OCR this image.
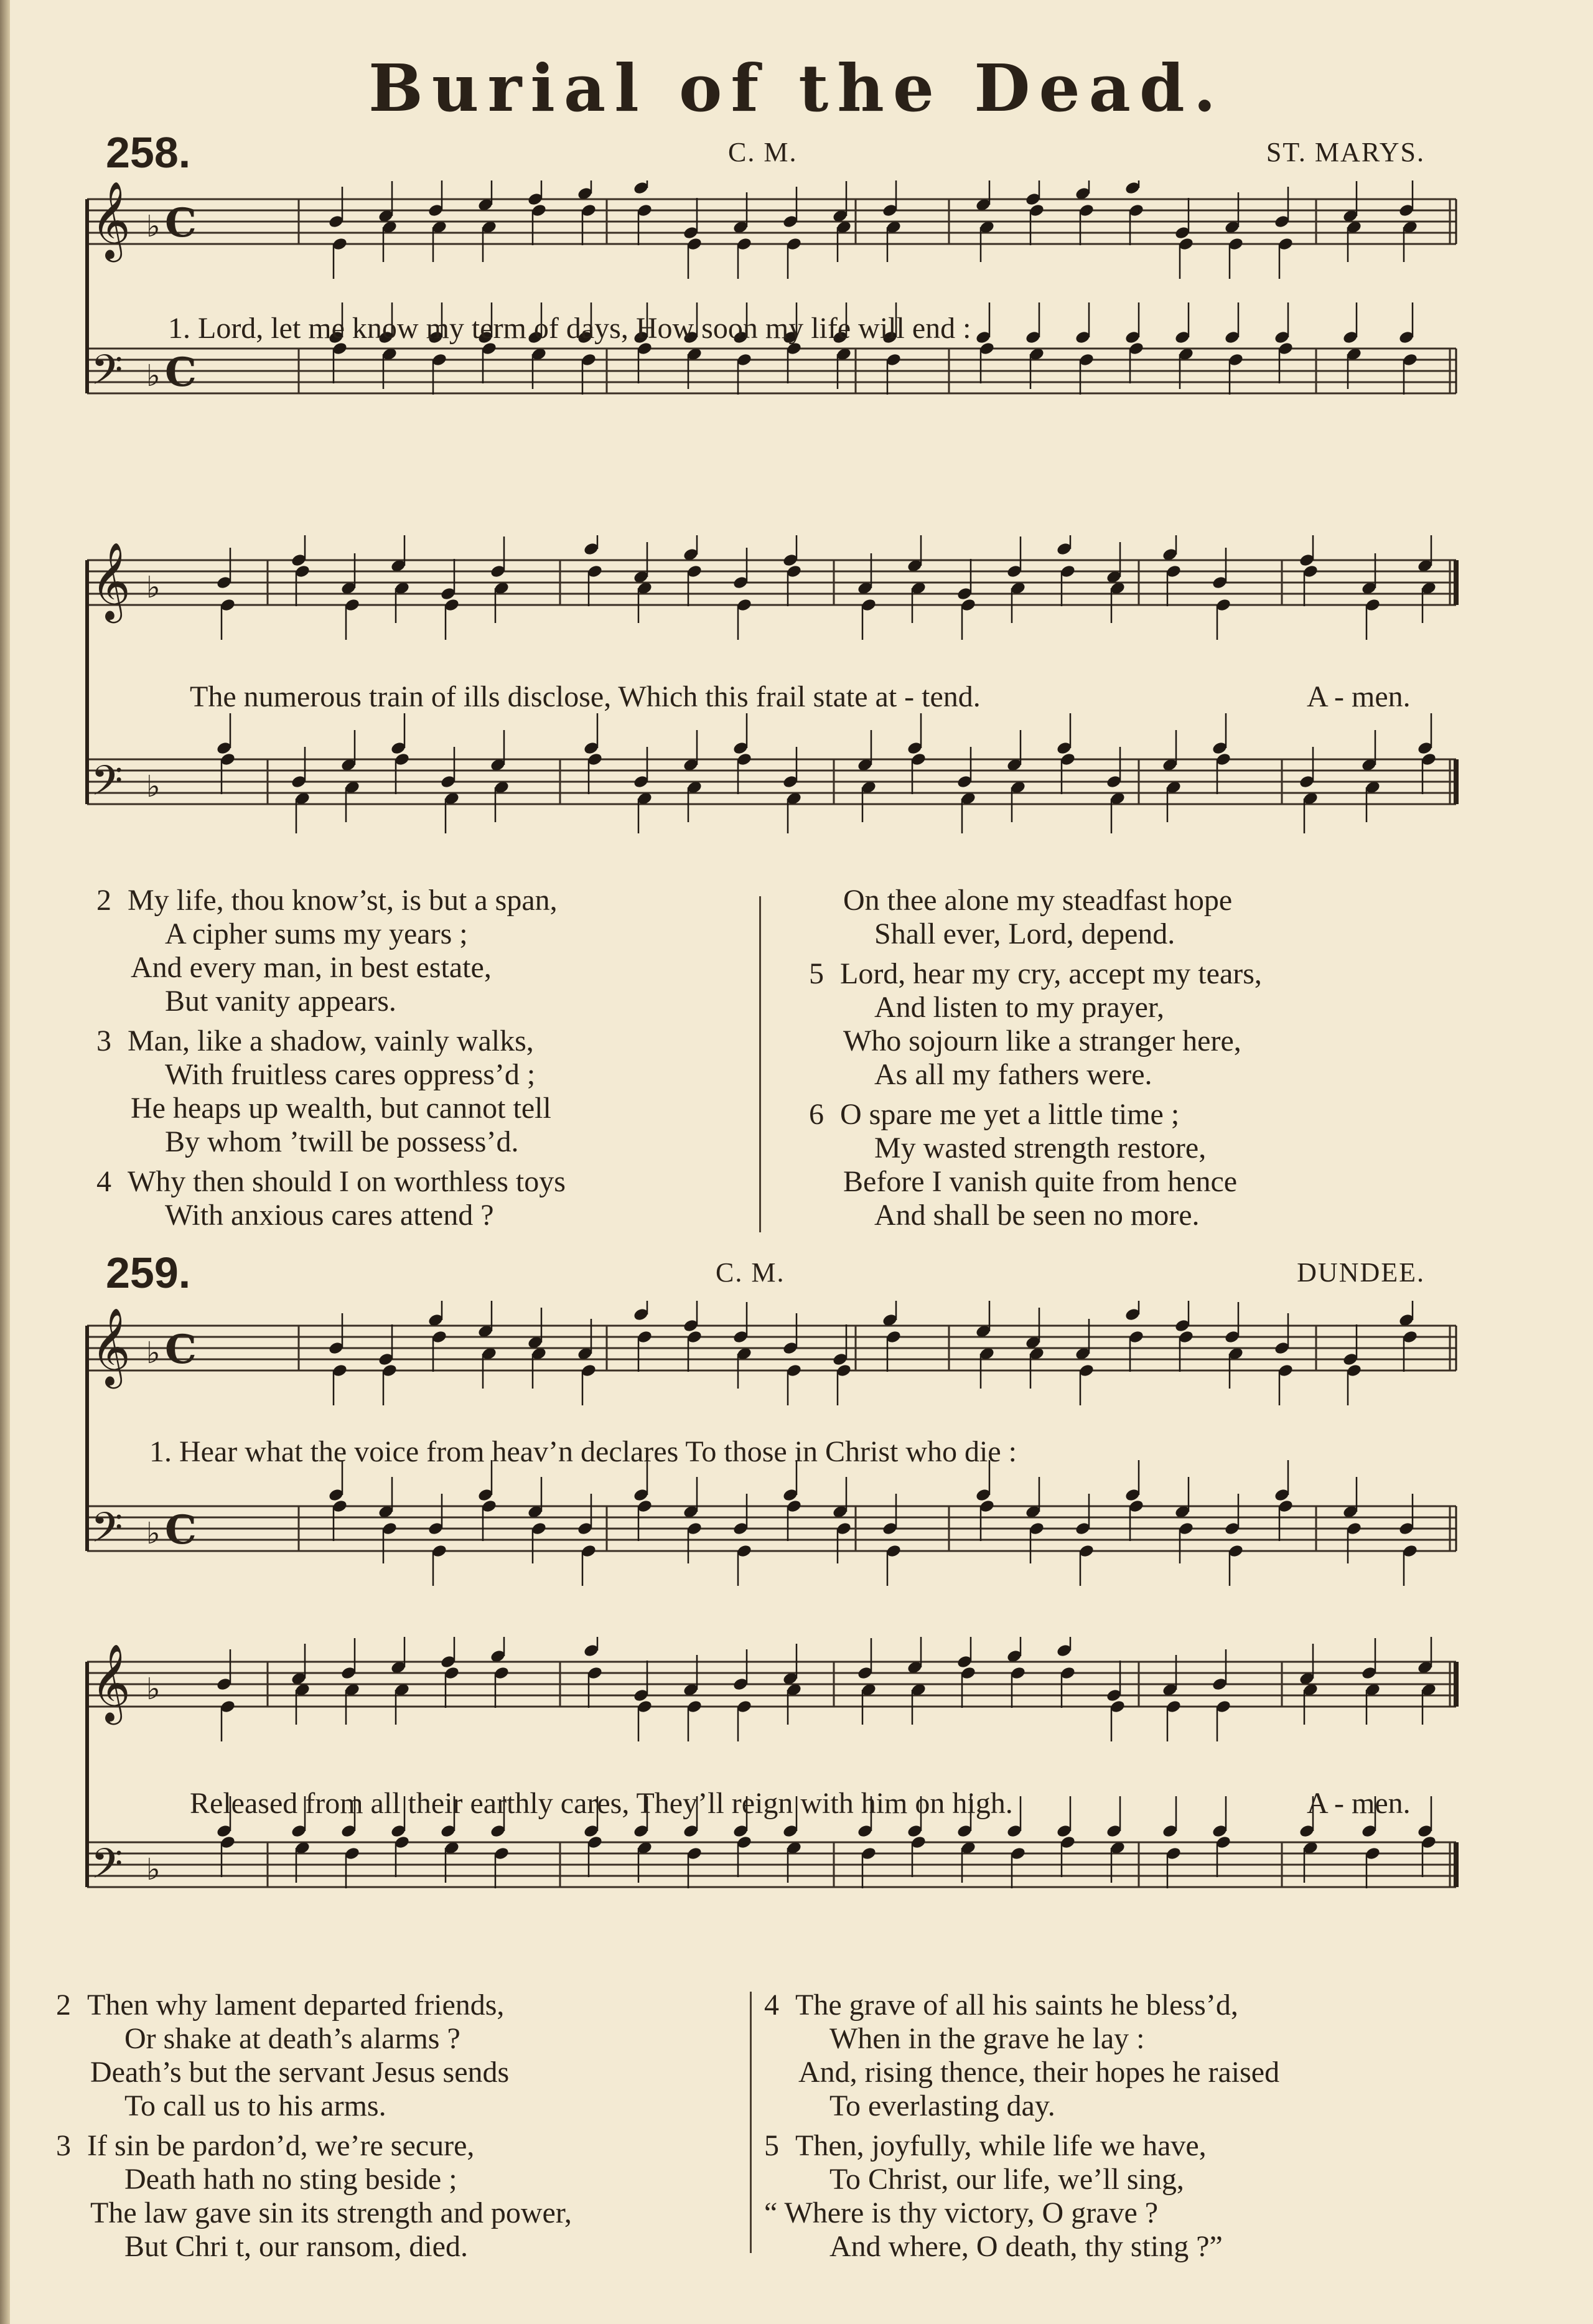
Burial of the Dead.
258.	C. M.	ST. MARYS.
𝄞 ♭ C
𝄢 ♭ C
1. Lord, let me know my term of days, How soon my life will end :
𝄞 ♭
𝄢 ♭
The numerous train of ills disclose, Which this frail state at - tend.	A - men.
2 My life, thou know’st, is but a span,
A cipher sums my years ;
And every man, in best estate,
But vanity appears.
3 Man, like a shadow, vainly walks,
With fruitless cares oppress’d ;
He heaps up wealth, but cannot tell
By whom ’twill be possess’d.
4 Why then should I on worthless toys
With anxious cares attend ?
On thee alone my steadfast hope
Shall ever, Lord, depend.
5 Lord, hear my cry, accept my tears,
And listen to my prayer,
Who sojourn like a stranger here,
As all my fathers were.
6 O spare me yet a little time ;
My wasted strength restore,
Before I vanish quite from hence
And shall be seen no more.
259.	C. M.	DUNDEE.
𝄞 ♭ C
𝄢 ♭ C
1. Hear what the voice from heav’n declares To those in Christ who die :
𝄞 ♭
𝄢 ♭
Released from all their earthly cares, They’ll reign with him on high.	A - men.
2 Then why lament departed friends,
Or shake at death’s alarms ?
Death’s but the servant Jesus sends
To call us to his arms.
3 If sin be pardon’d, we’re secure,
Death hath no sting beside ;
The law gave sin its strength and power,
But Chri t, our ransom, died.
4 The grave of all his saints he bless’d,
When in the grave he lay :
And, rising thence, their hopes he raised
To everlasting day.
5 Then, joyfully, while life we have,
To Christ, our life, we’ll sing,
“ Where is thy victory, O grave ?
And where, O death, thy sting ?”
